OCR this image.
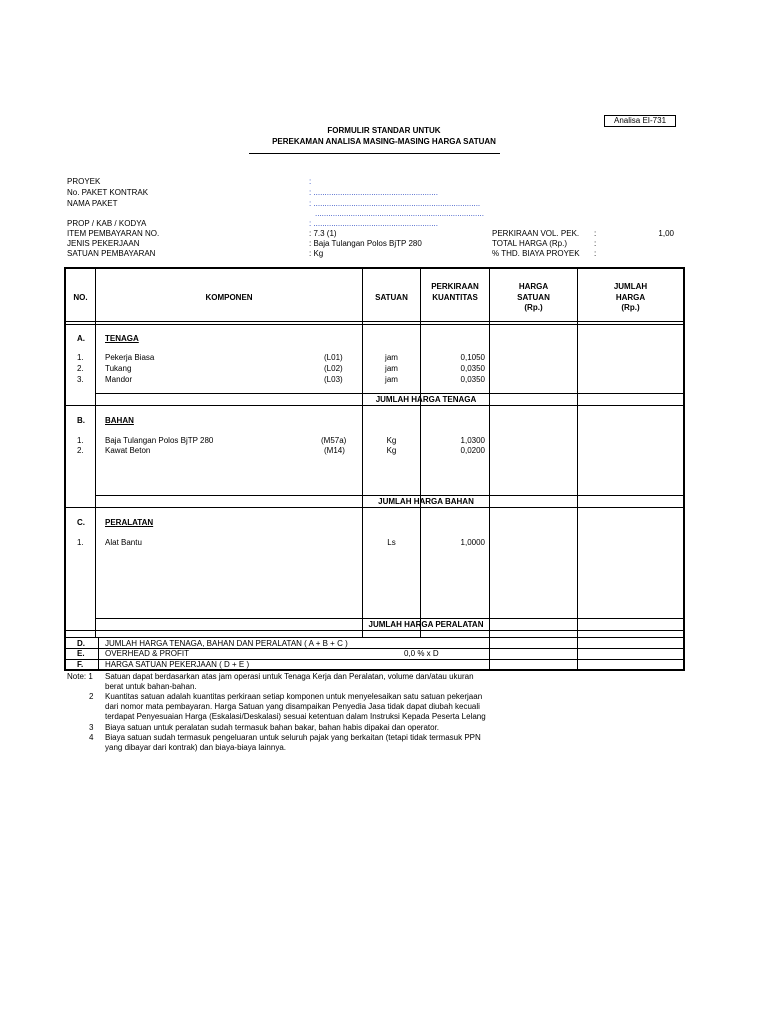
Analisa EI-731
FORMULIR STANDAR UNTUK
PEREKAMAN ANALISA MASING-MASING HARGA SATUAN
PROYEK	:
No. PAKET KONTRAK	: ........................................................
NAMA PAKET	: ...........................................................................
............................................................................
PROP / KAB / KODYA	: ........................................................
ITEM PEMBAYARAN NO.	: 7.3 (1)
JENIS PEKERJAAN	: Baja Tulangan Polos BjTP 280
SATUAN PEMBAYARAN	: Kg
PERKIRAAN VOL. PEK. :	1,00
TOTAL HARGA (Rp.)	:
% THD. BIAYA PROYEK :
NO.	KOMPONEN	SATUAN
PERKIRAAN
KUANTITAS
HARGA
SATUAN
(Rp.)
JUMLAH
HARGA
(Rp.)
A.	TENAGA
1.	Pekerja Biasa	(L01)	jam	0,1050
2.	Tukang	(L02)	jam	0,0350
3.	Mandor	(L03)	jam	0,0350
JUMLAH HARGA TENAGA
B.	BAHAN
1.	Baja Tulangan Polos BjTP 280	(M57a)	Kg	1,0300
2.	Kawat Beton	(M14)	Kg	0,0200
JUMLAH HARGA BAHAN
C.	PERALATAN
1.	Alat Bantu	Ls	1,0000
JUMLAH HARGA PERALATAN
D.	JUMLAH HARGA TENAGA, BAHAN DAN PERALATAN ( A + B + C )
E.	OVERHEAD & PROFIT	0,0 % x D
F.	HARGA SATUAN PEKERJAAN ( D + E )
Note: 1 Satuan dapat berdasarkan atas jam operasi untuk Tenaga Kerja dan Peralatan, volume dan/atau ukuran
berat untuk bahan-bahan.
2 Kuantitas satuan adalah kuantitas perkiraan setiap komponen untuk menyelesaikan satu satuan pekerjaan
dari nomor mata pembayaran. Harga Satuan yang disampaikan Penyedia Jasa tidak dapat diubah kecuali
terdapat Penyesuaian Harga (Eskalasi/Deskalasi) sesuai ketentuan dalam Instruksi Kepada Peserta Lelang
3 Biaya satuan untuk peralatan sudah termasuk bahan bakar, bahan habis dipakai dan operator.
4 Biaya satuan sudah termasuk pengeluaran untuk seluruh pajak yang berkaitan (tetapi tidak termasuk PPN
yang dibayar dari kontrak) dan biaya-biaya lainnya.
